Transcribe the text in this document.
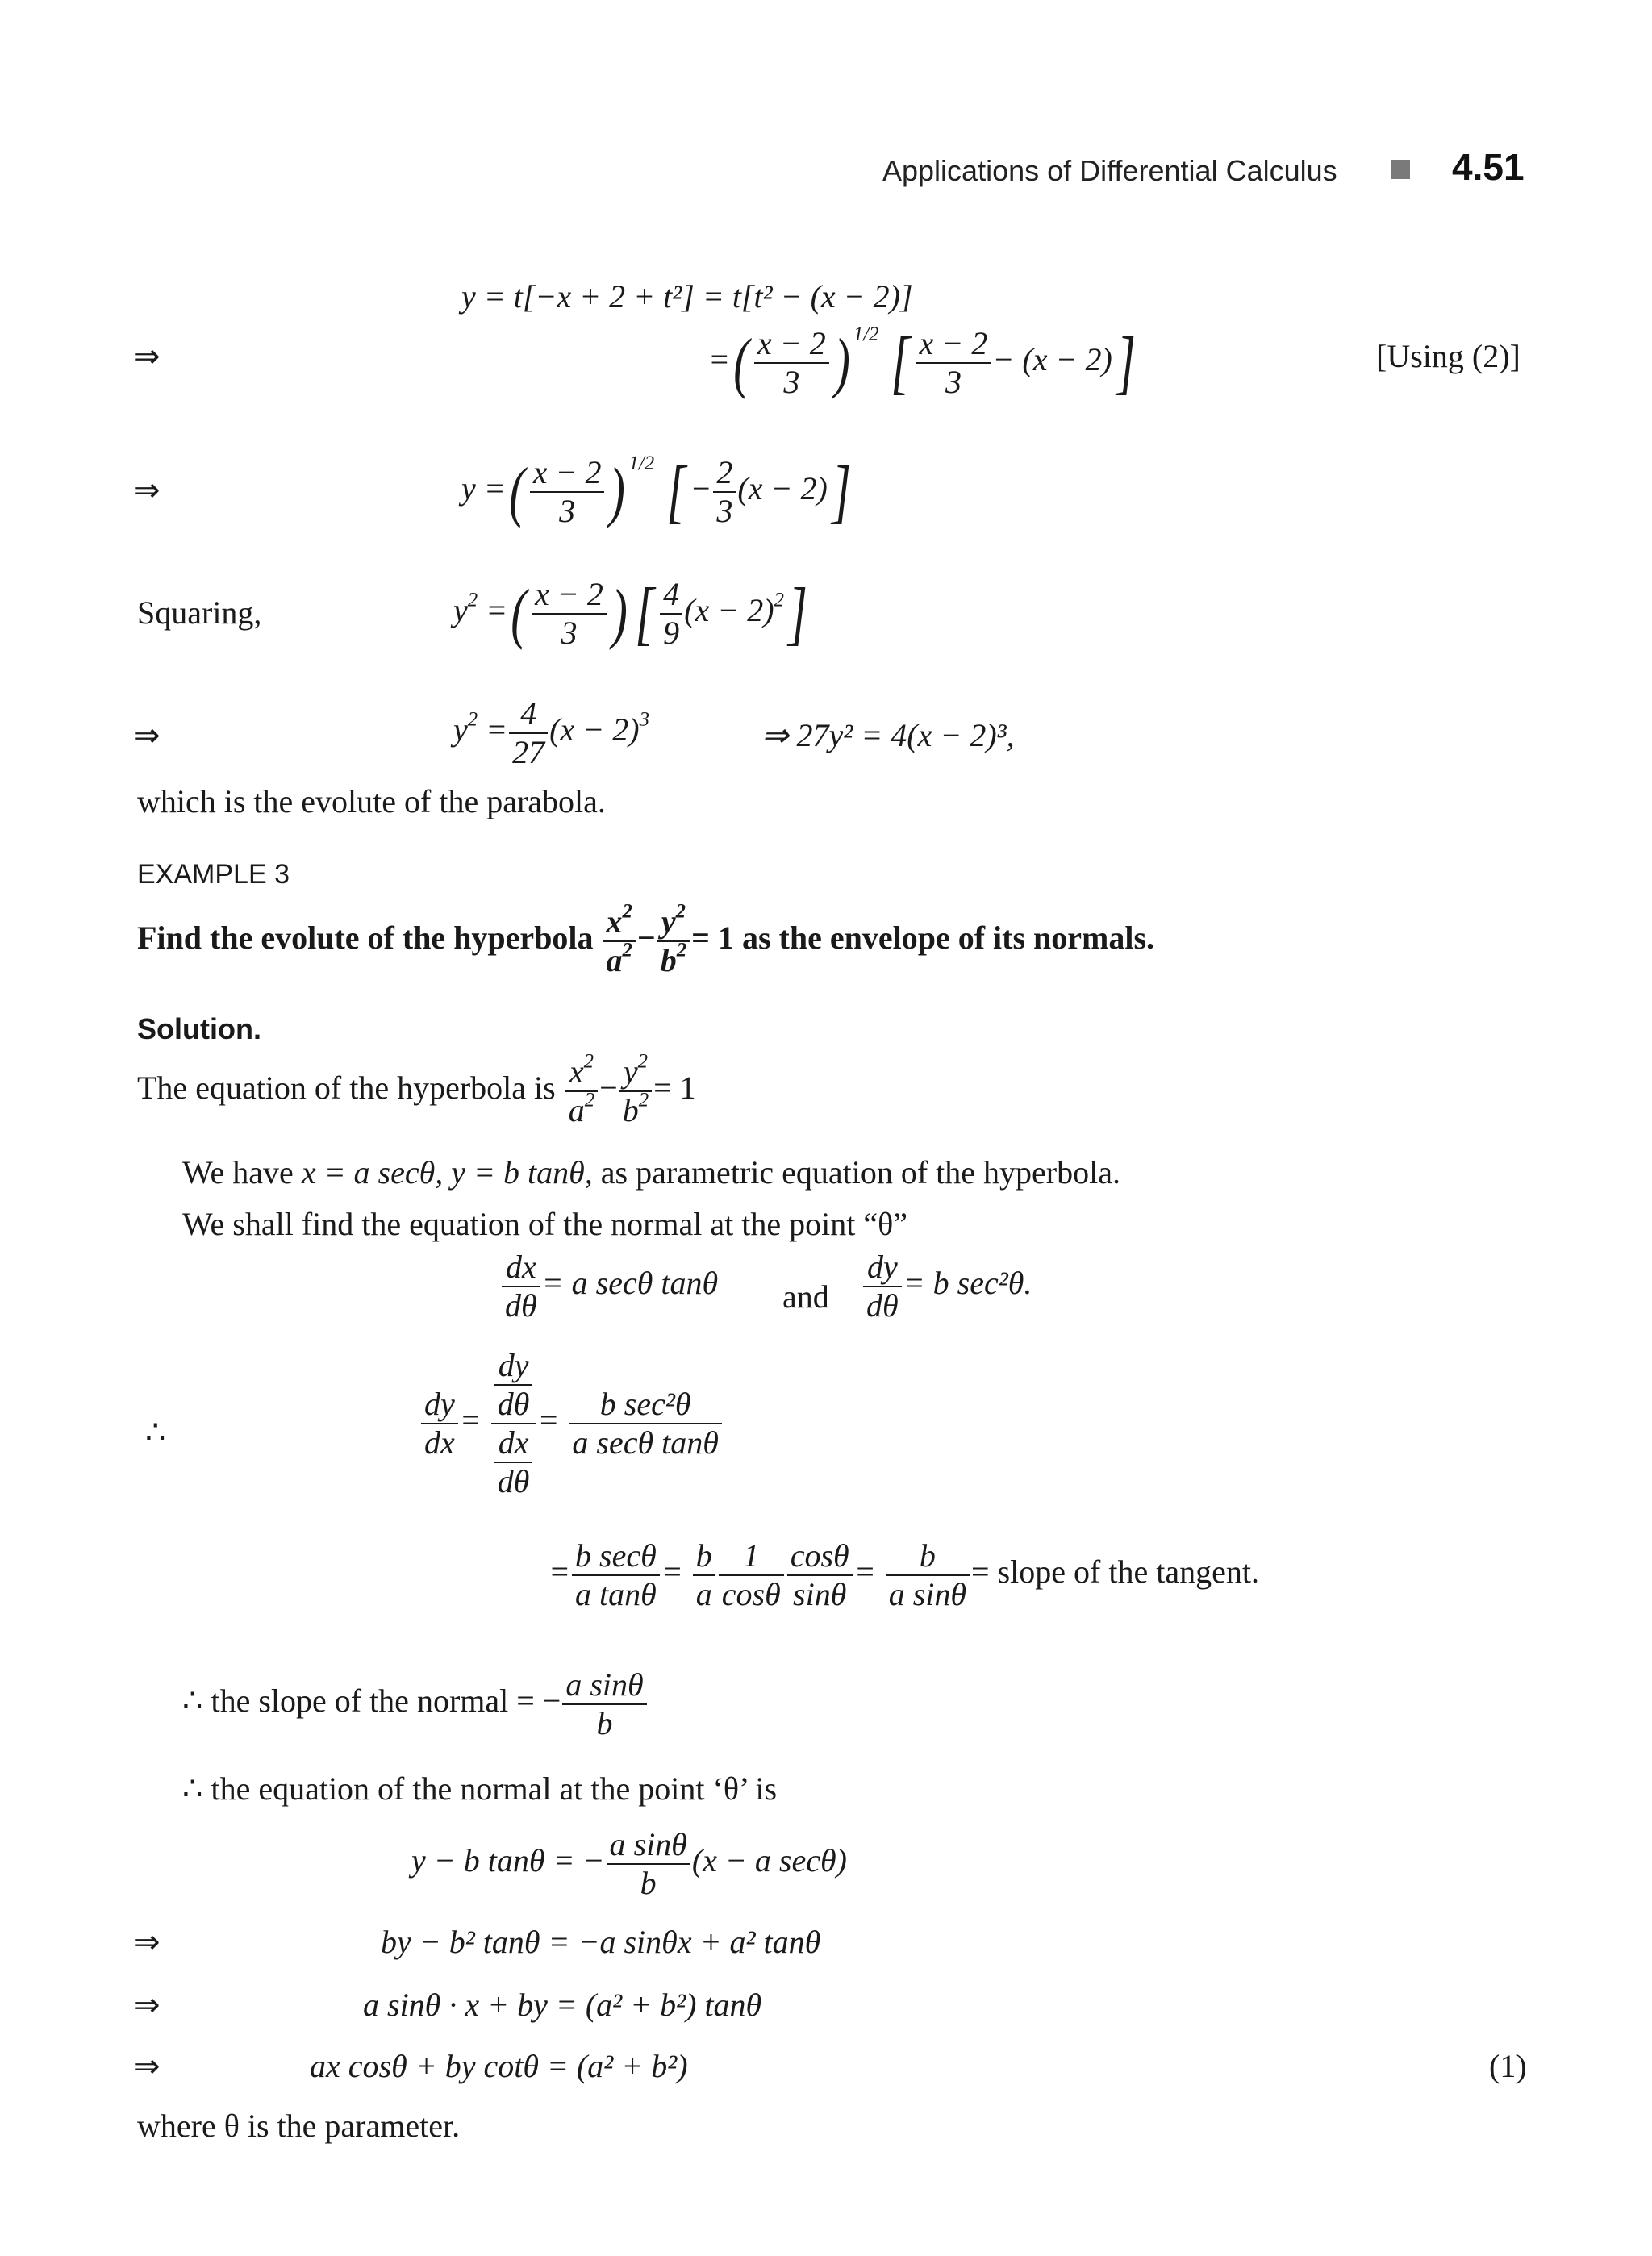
Applications of Differential Calculus	4.51
y = t[−x + 2 + t²] = t[t² − (x − 2)]
⇒	=( $\frac{x - 2}{3}$ ) $^{1/2}$ [ $\frac{x - 2}{3} - (x - 2)$]	[Using (2)]
⇒	y =( $\frac{x - 2}{3}$ ) $^{1/2}$ [ − $\frac{2}{3} (x - 2)$]
Squaring,	$y^2$ =( $\frac{x - 2}{3}$ ) [ $\frac{4}{9} (x - 2)^2$]
⇒	$y^2 = \frac{4}{27} (x - 2)^3$	⇒ 27y² = 4(x − 2)³,
which is the evolute of the parabola.
EXAMPLE 3
Find the evolute of the hyperbola $\frac{x^2}{a^2} - \frac{y^2}{b^2} = 1$ as the envelope of its normals.
Solution.
The equation of the hyperbola is $\frac{x^2}{a^2} - \frac{y^2}{b^2} = 1$
We have x = a secθ, y = b tanθ, as parametric equation of the hyperbola.
We shall find the equation of the normal at the point “θ”
$\frac{dx}{d\theta} = a$ secθ tanθ and $\frac{dy}{d\theta} = b$ sec²θ.
∴	$\frac{dy}{dx} = \frac{\frac{dy}{d\theta}}{\frac{dx}{d\theta}} = \frac{\text{b sec²θ}}{\text{a secθ tanθ}}$
= $\frac{\text{b secθ}}{\text{a tanθ}} = \frac{b}{a} \frac{1}{\cos\theta} \frac{\cos\theta}{\sin\theta} = \frac{b}{\text{a sinθ}}$ = slope of the tangent.
∴ the slope of the normal = − $\frac{\text{a sinθ}}{b}$
∴ the equation of the normal at the point ‘θ’ is
y − b tanθ = − $\frac{\text{a sinθ}}{b} (x - a$ secθ)
⇒	by − b² tanθ = −a sinθx + a² tanθ
⇒	a sinθ · x + by = (a² + b²) tanθ
⇒	ax cosθ + by cotθ = (a² + b²)	(1)
where θ is the parameter.
